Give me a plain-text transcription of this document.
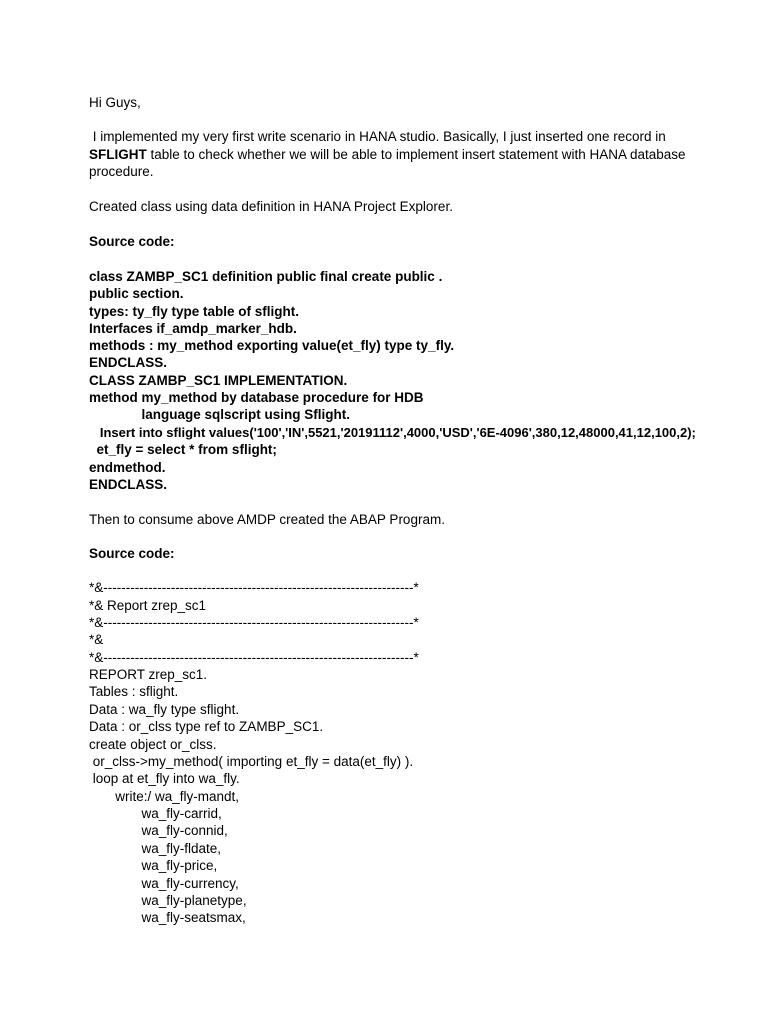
Hi Guys,
I implemented my very first write scenario in HANA studio. Basically, I just inserted one record in
SFLIGHT table to check whether we will be able to implement insert statement with HANA database
procedure.
Created class using data definition in HANA Project Explorer.
Source code:
class ZAMBP_SC1 definition public final create public .
public section.
types: ty_fly type table of sflight.
Interfaces if_amdp_marker_hdb.
methods : my_method exporting value(et_fly) type ty_fly.
ENDCLASS.
CLASS ZAMBP_SC1 IMPLEMENTATION.
method my_method by database procedure for HDB
language sqlscript using Sflight.
Insert into sflight values('100','IN',5521,'20191112',4000,'USD','6E-4096',380,12,48000,41,12,100,2);
et_fly = select * from sflight;
endmethod.
ENDCLASS.
Then to consume above AMDP created the ABAP Program.
Source code:
*&---------------------------------------------------------------------*
*& Report zrep_sc1
*&---------------------------------------------------------------------*
*&
*&---------------------------------------------------------------------*
REPORT zrep_sc1.
Tables : sflight.
Data : wa_fly type sflight.
Data : or_clss type ref to ZAMBP_SC1.
create object or_clss.
or_clss->my_method( importing et_fly = data(et_fly) ).
loop at et_fly into wa_fly.
write:/ wa_fly-mandt,
wa_fly-carrid,
wa_fly-connid,
wa_fly-fldate,
wa_fly-price,
wa_fly-currency,
wa_fly-planetype,
wa_fly-seatsmax,
